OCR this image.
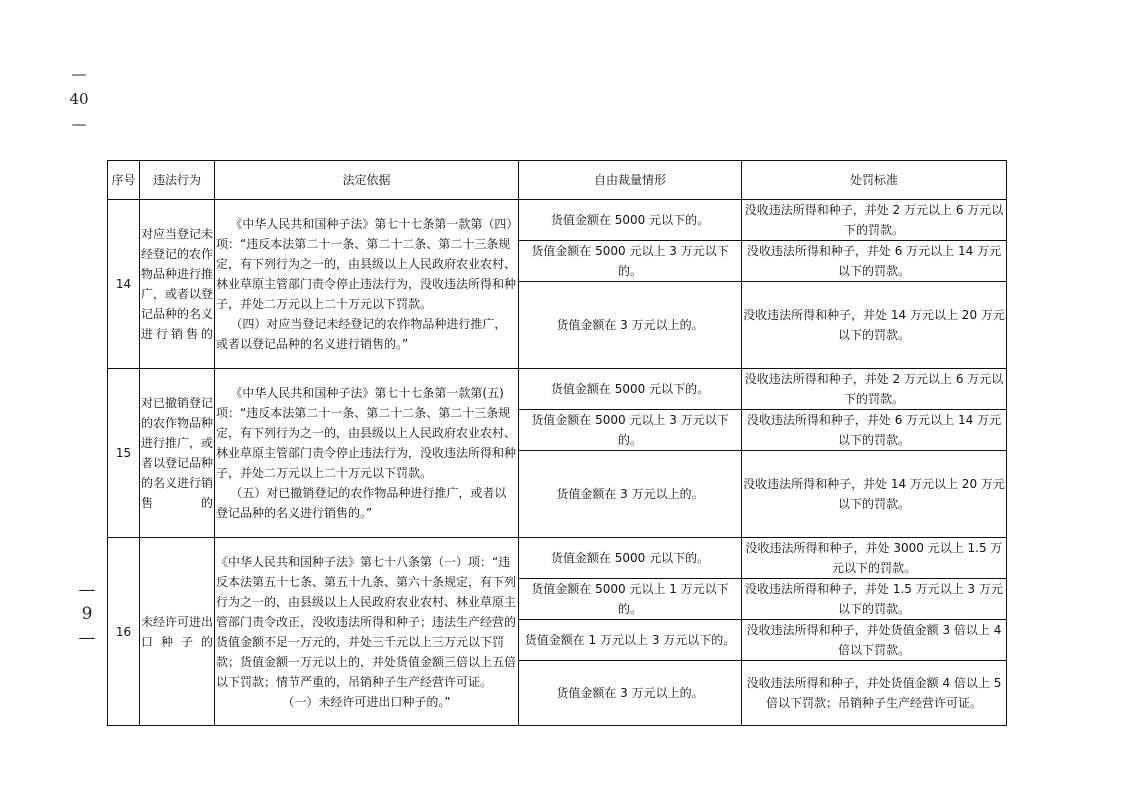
—
40
—
—
9
—
序号	违法行为	法定依据	自由裁量情形	处罚标准
14	对应当登记未经登记的农作物品种进行推广，或者以登记品种的名义进行销售的	《中华人民共和国种子法》第七十七条第一款第（四）项：“违反本法第二十一条、第二十二条、第二十三条规定，有下列行为之一的，由县级以上人民政府农业农村、林业草原主管部门责令停止违法行为，没收违法所得和种子，并处二万元以上二十万元以下罚款。

（四）对应当登记未经登记的农作物品种进行推广，或者以登记品种的名义进行销售的。”	货值金额在 5000 元以下的。	没收违法所得和种子，并处 2 万元以上 6 万元以下的罚款。
			货值金额在 5000 元以上 3 万元以下的。	没收违法所得和种子，并处 6 万元以上 14 万元以下的罚款。
			货值金额在 3 万元以上的。	没收违法所得和种子，并处 14 万元以上 20 万元以下的罚款。
15	对已撤销登记的农作物品种进行推广，或者以登记品种的名义进行销售的	《中华人民共和国种子法》第七十七条第一款第(五)项：“违反本法第二十一条、第二十二条、第二十三条规定，有下列行为之一的，由县级以上人民政府农业农村、林业草原主管部门责令停止违法行为，没收违法所得和种子，并处二万元以上二十万元以下罚款。

（五）对已撤销登记的农作物品种进行推广，或者以登记品种的名义进行销售的。”	货值金额在 5000 元以下的。	没收违法所得和种子，并处 2 万元以上 6 万元以下的罚款。
			货值金额在 5000 元以上 3 万元以下的。	没收违法所得和种子，并处 6 万元以上 14 万元以下的罚款。
			货值金额在 3 万元以上的。	没收违法所得和种子，并处 14 万元以上 20 万元以下的罚款。
16	未经许可进出口种子的	《中华人民共和国种子法》第七十八条第（一）项：“违反本法第五十七条、第五十九条、第六十条规定，有下列行为之一的，由县级以上人民政府农业农村、林业草原主管部门责令改正，没收违法所得和种子；违法生产经营的货值金额不足一万元的，并处三千元以上三万元以下罚款；货值金额一万元以上的，并处货值金额三倍以上五倍以下罚款；情节严重的，吊销种子生产经营许可证。

（一）未经许可进出口种子的。”	货值金额在 5000 元以下的。	没收违法所得和种子，并处 3000 元以上 1.5 万元以下的罚款。
			货值金额在 5000 元以上 1 万元以下的。	没收违法所得和种子，并处 1.5 万元以上 3 万元以下的罚款。
			货值金额在 1 万元以上 3 万元以下的。	没收违法所得和种子，并处货值金额 3 倍以上 4 倍以下罚款。
			货值金额在 3 万元以上的。	没收违法所得和种子，并处货值金额 4 倍以上 5 倍以下罚款；吊销种子生产经营许可证。
